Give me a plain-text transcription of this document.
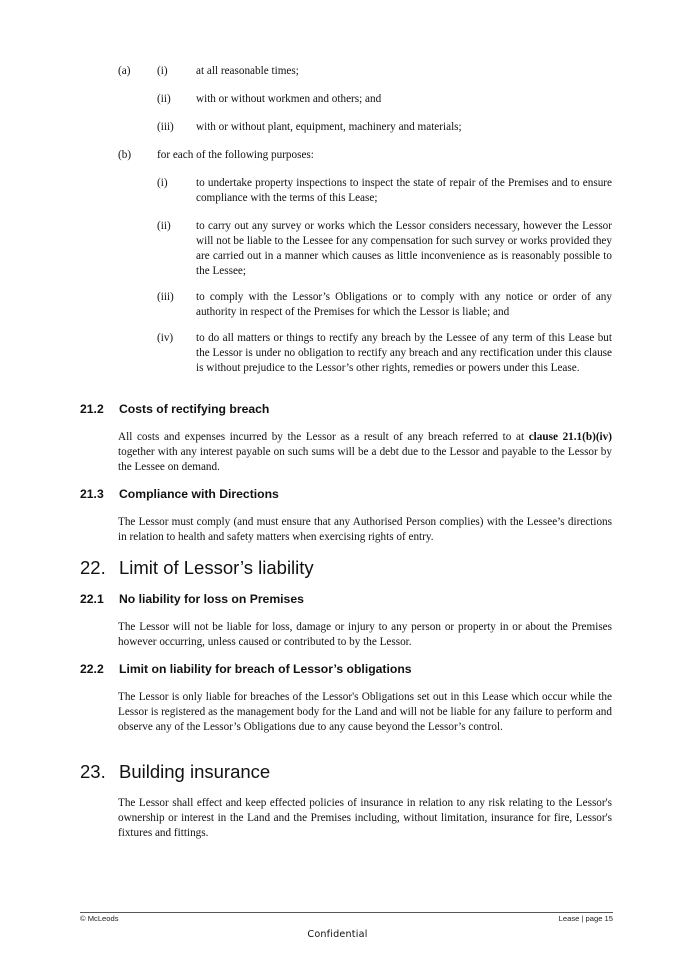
(a) (i)	at all reasonable times;
(ii) with or without workmen and others; and
(iii) with or without plant, equipment, machinery and materials;
(b) for each of the following purposes:
(i)	to undertake property inspections to inspect the state of repair of the Premises and to ensure compliance with the terms of this Lease;
(ii) to carry out any survey or works which the Lessor considers necessary, however the Lessor will not be liable to the Lessee for any compensation for such survey or works provided they are carried out in a manner which causes as little inconvenience as is reasonably possible to the Lessee;
(iii) to comply with the Lessor’s Obligations or to comply with any notice or order of any authority in respect of the Premises for which the Lessor is liable; and
(iv) to do all matters or things to rectify any breach by the Lessee of any term of this Lease but the Lessor is under no obligation to rectify any breach and any rectification under this clause is without prejudice to the Lessor’s other rights, remedies or powers under this Lease.
21.2 Costs of rectifying breach

All costs and expenses incurred by the Lessor as a result of any breach referred to at clause 21.1(b)(iv) together with any interest payable on such sums will be a debt due to the Lessor and payable to the Lessor by the Lessee on demand.

21.3 Compliance with Directions

The Lessor must comply (and must ensure that any Authorised Person complies) with the Lessee’s directions in relation to health and safety matters when exercising rights of entry.

22. Limit of Lessor’s liability
22.1 No liability for loss on Premises

The Lessor will not be liable for loss, damage or injury to any person or property in or about the Premises however occurring, unless caused or contributed to by the Lessor.

22.2 Limit on liability for breach of Lessor’s obligations

The Lessor is only liable for breaches of the Lessor's Obligations set out in this Lease which occur while the Lessor is registered as the management body for the Land and will not be liable for any failure to perform and observe any of the Lessor’s Obligations due to any cause beyond the Lessor’s control.

23. Building insurance

The Lessor shall effect and keep effected policies of insurance in relation to any risk relating to the Lessor's ownership or interest in the Land and the Premises including, without limitation, insurance for fire, Lessor's fixtures and fittings.

© McLeods	Lease | page 15
Confidential
